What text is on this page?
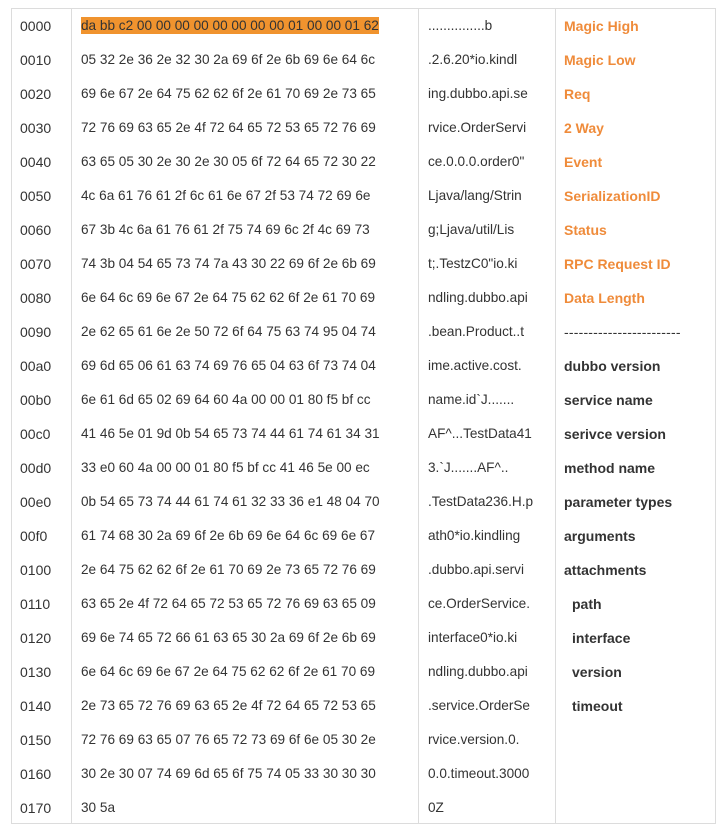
0000
0010
0020
0030
0040
0050
0060
0070
0080
0090
00a0
00b0
00c0
00d0
00e0
00f0
0100
0110
0120
0130
0140
0150
0160
0170
da bb c2 00 00 00 00 00 00 00 00 01 00 00 01 62
05 32 2e 36 2e 32 30 2a 69 6f 2e 6b 69 6e 64 6c
69 6e 67 2e 64 75 62 62 6f 2e 61 70 69 2e 73 65
72 76 69 63 65 2e 4f 72 64 65 72 53 65 72 76 69
63 65 05 30 2e 30 2e 30 05 6f 72 64 65 72 30 22
4c 6a 61 76 61 2f 6c 61 6e 67 2f 53 74 72 69 6e
67 3b 4c 6a 61 76 61 2f 75 74 69 6c 2f 4c 69 73
74 3b 04 54 65 73 74 7a 43 30 22 69 6f 2e 6b 69
6e 64 6c 69 6e 67 2e 64 75 62 62 6f 2e 61 70 69
2e 62 65 61 6e 2e 50 72 6f 64 75 63 74 95 04 74
69 6d 65 06 61 63 74 69 76 65 04 63 6f 73 74 04
6e 61 6d 65 02 69 64 60 4a 00 00 01 80 f5 bf cc
41 46 5e 01 9d 0b 54 65 73 74 44 61 74 61 34 31
33 e0 60 4a 00 00 01 80 f5 bf cc 41 46 5e 00 ec
0b 54 65 73 74 44 61 74 61 32 33 36 e1 48 04 70
61 74 68 30 2a 69 6f 2e 6b 69 6e 64 6c 69 6e 67
2e 64 75 62 62 6f 2e 61 70 69 2e 73 65 72 76 69
63 65 2e 4f 72 64 65 72 53 65 72 76 69 63 65 09
69 6e 74 65 72 66 61 63 65 30 2a 69 6f 2e 6b 69
6e 64 6c 69 6e 67 2e 64 75 62 62 6f 2e 61 70 69
2e 73 65 72 76 69 63 65 2e 4f 72 64 65 72 53 65
72 76 69 63 65 07 76 65 72 73 69 6f 6e 05 30 2e
30 2e 30 07 74 69 6d 65 6f 75 74 05 33 30 30 30
30 5a
...............b
.2.6.20*io.kindl
ing.dubbo.api.se
rvice.OrderServi
ce.0.0.0.order0"
Ljava/lang/Strin
g;Ljava/util/Lis
t;.TestzC0"io.ki
ndling.dubbo.api
.bean.Product..t
ime.active.cost.
name.id`J.......
AF^...TestData41
3.`J.......AF^..
.TestData236.H.p
ath0*io.kindling
.dubbo.api.servi
ce.OrderService.
interface0*io.ki
ndling.dubbo.api
.service.OrderSe
rvice.version.0.
0.0.timeout.3000
0Z
Magic High
Magic Low
Req
2 Way
Event
SerializationID
Status
RPC Request ID
Data Length
------------------------
dubbo version
service name
serivce version
method name
parameter types
arguments
attachments
path
interface
version
timeout
